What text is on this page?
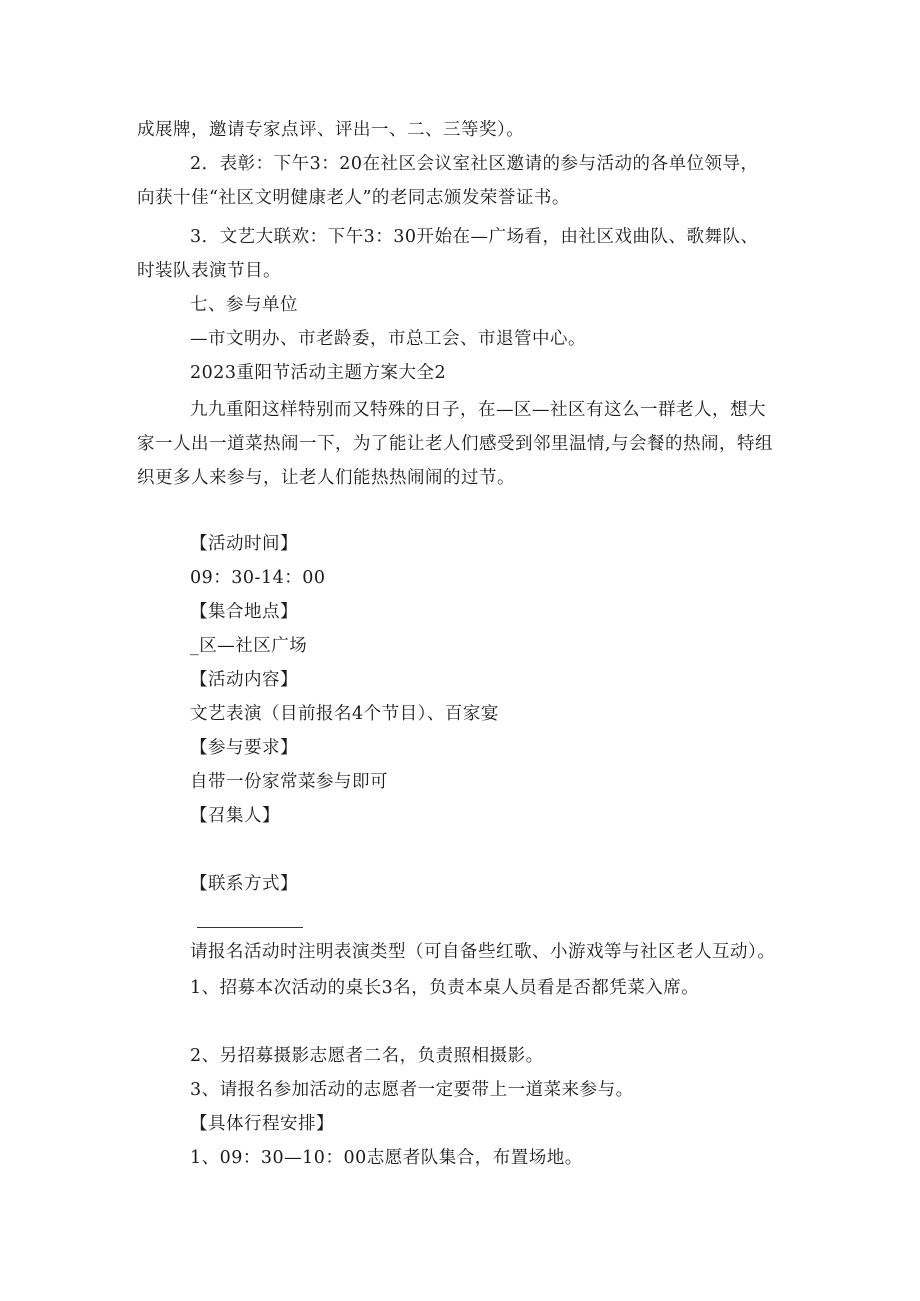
成展牌，邀请专家点评、评出一、二、三等奖）。
2．表彰：下午3：20在社区会议室社区邀请的参与活动的各单位领导，
向获十佳“社区文明健康老人”的老同志颁发荣誉证书。
3．文艺大联欢：下午3：30开始在—广场看，由社区戏曲队、歌舞队、
时装队表演节目。
七、参与单位
—市文明办、市老龄委，市总工会、市退管中心。
2023重阳节活动主题方案大全2
九九重阳这样特别而又特殊的日子，在—区—社区有这么一群老人，想大
家一人出一道菜热闹一下，为了能让老人们感受到邻里温情,与会餐的热闹，特组
织更多人来参与，让老人们能热热闹闹的过节。
【活动时间】
09：30-14：00
【集合地点】
_区—社区广场
【活动内容】
文艺表演（目前报名4个节目）、百家宴
【参与要求】
自带一份家常菜参与即可
【召集人】
【联系方式】
请报名活动时注明表演类型（可自备些红歌、小游戏等与社区老人互动）。
1、招募本次活动的桌长3名，负责本桌人员看是否都凭菜入席。
2、另招募摄影志愿者二名，负责照相摄影。
3、请报名参加活动的志愿者一定要带上一道菜来参与。
【具体行程安排】
1、09：30—10：00志愿者队集合，布置场地。
